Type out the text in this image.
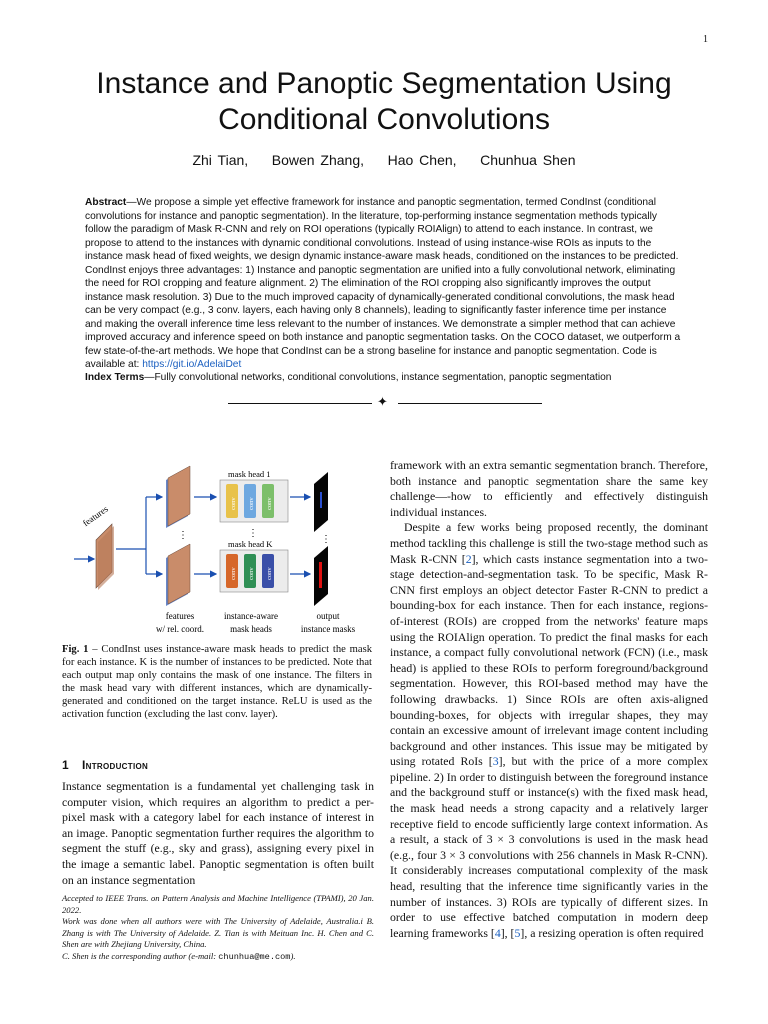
1
Instance and Panoptic Segmentation Using
Conditional Convolutions
Zhi Tian, Bowen Zhang, Hao Chen, Chunhua Shen
Abstract—We propose a simple yet effective framework for instance and panoptic segmentation, termed CondInst (conditional convolutions for instance and panoptic segmentation). In the literature, top-performing instance segmentation methods typically follow the paradigm of Mask R-CNN and rely on ROI operations (typically ROIAlign) to attend to each instance. In contrast, we propose to attend to the instances with dynamic conditional convolutions. Instead of using instance-wise ROIs as inputs to the instance mask head of fixed weights, we design dynamic instance-aware mask heads, conditioned on the instances to be predicted. CondInst enjoys three advantages: 1) Instance and panoptic segmentation are unified into a fully convolutional network, eliminating the need for ROI cropping and feature alignment. 2) The elimination of the ROI cropping also significantly improves the output instance mask resolution. 3) Due to the much improved capacity of dynamically-generated conditional convolutions, the mask head can be very compact (e.g., 3 conv. layers, each having only 8 channels), leading to significantly faster inference time per instance and making the overall inference time less relevant to the number of instances. We demonstrate a simpler method that can achieve improved accuracy and inference speed on both instance and panoptic segmentation tasks. On the COCO dataset, we outperform a few state-of-the-art methods. We hope that CondInst can be a strong baseline for instance and panoptic segmentation. Code is available at: https://git.io/AdelaiDet
Index Terms—Fully convolutional networks, conditional convolutions, instance segmentation, panoptic segmentation
✦
features
⋮
conv conv conv
mask head 1
⋮
conv conv conv
mask head K	⋮
features
w/ rel. coord.
instance-aware
mask heads
output
instance masks
Fig. 1 – CondInst uses instance-aware mask heads to predict the mask for each instance. K is the number of instances to be predicted. Note that each output map only contains the mask of one instance. The filters in the mask head vary with different instances, which are dynamically-generated and conditioned on the target instance. ReLU is used as the activation function (excluding the last conv. layer).
1 Introduction
Instance segmentation is a fundamental yet challenging task in computer vision, which requires an algorithm to predict a per-pixel mask with a category label for each instance of interest in an image. Panoptic segmentation further requires the algorithm to segment the stuff (e.g., sky and grass), assigning every pixel in the image a semantic label. Panoptic segmentation is often built on an instance segmentation
Accepted to IEEE Trans. on Pattern Analysis and Machine Intelligence (TPAMI), 20 Jan. 2022.
Work was done when all authors were with The University of Adelaide, Australia.i B. Zhang is with The University of Adelaide. Z. Tian is with Meituan Inc. H. Chen and C. Shen are with Zhejiang University, China.
C. Shen is the corresponding author (e-mail: chunhua@me.com).

framework with an extra semantic segmentation branch. Therefore, both instance and panoptic segmentation share the same key challenge—-how to efficiently and effectively distinguish individual instances.

Despite a few works being proposed recently, the dominant method tackling this challenge is still the two-stage method such as Mask R-CNN [2], which casts instance segmentation into a two-stage detection-and-segmentation task. To be specific, Mask R-CNN first employs an object detector Faster R-CNN to predict a bounding-box for each instance. Then for each instance, regions-of-interest (ROIs) are cropped from the networks' feature maps using the ROIAlign operation. To predict the final masks for each instance, a compact fully convolutional network (FCN) (i.e., mask head) is applied to these ROIs to perform foreground/background segmentation. However, this ROI-based method may have the following drawbacks. 1) Since ROIs are often axis-aligned bounding-boxes, for objects with irregular shapes, they may contain an excessive amount of irrelevant image content including background and other instances. This issue may be mitigated by using rotated RoIs [3], but with the price of a more complex pipeline. 2) In order to distinguish between the foreground instance and the background stuff or instance(s) with the fixed mask head, the mask head needs a strong capacity and a relatively larger receptive field to encode sufficiently large context information. As a result, a stack of 3 × 3 convolutions is used in the mask head (e.g., four 3 × 3 convolutions with 256 channels in Mask R-CNN). It considerably increases computational complexity of the mask head, resulting that the inference time significantly varies in the number of instances. 3) ROIs are typically of different sizes. In order to use effective batched computation in modern deep learning frameworks [4], [5], a resizing operation is often required
